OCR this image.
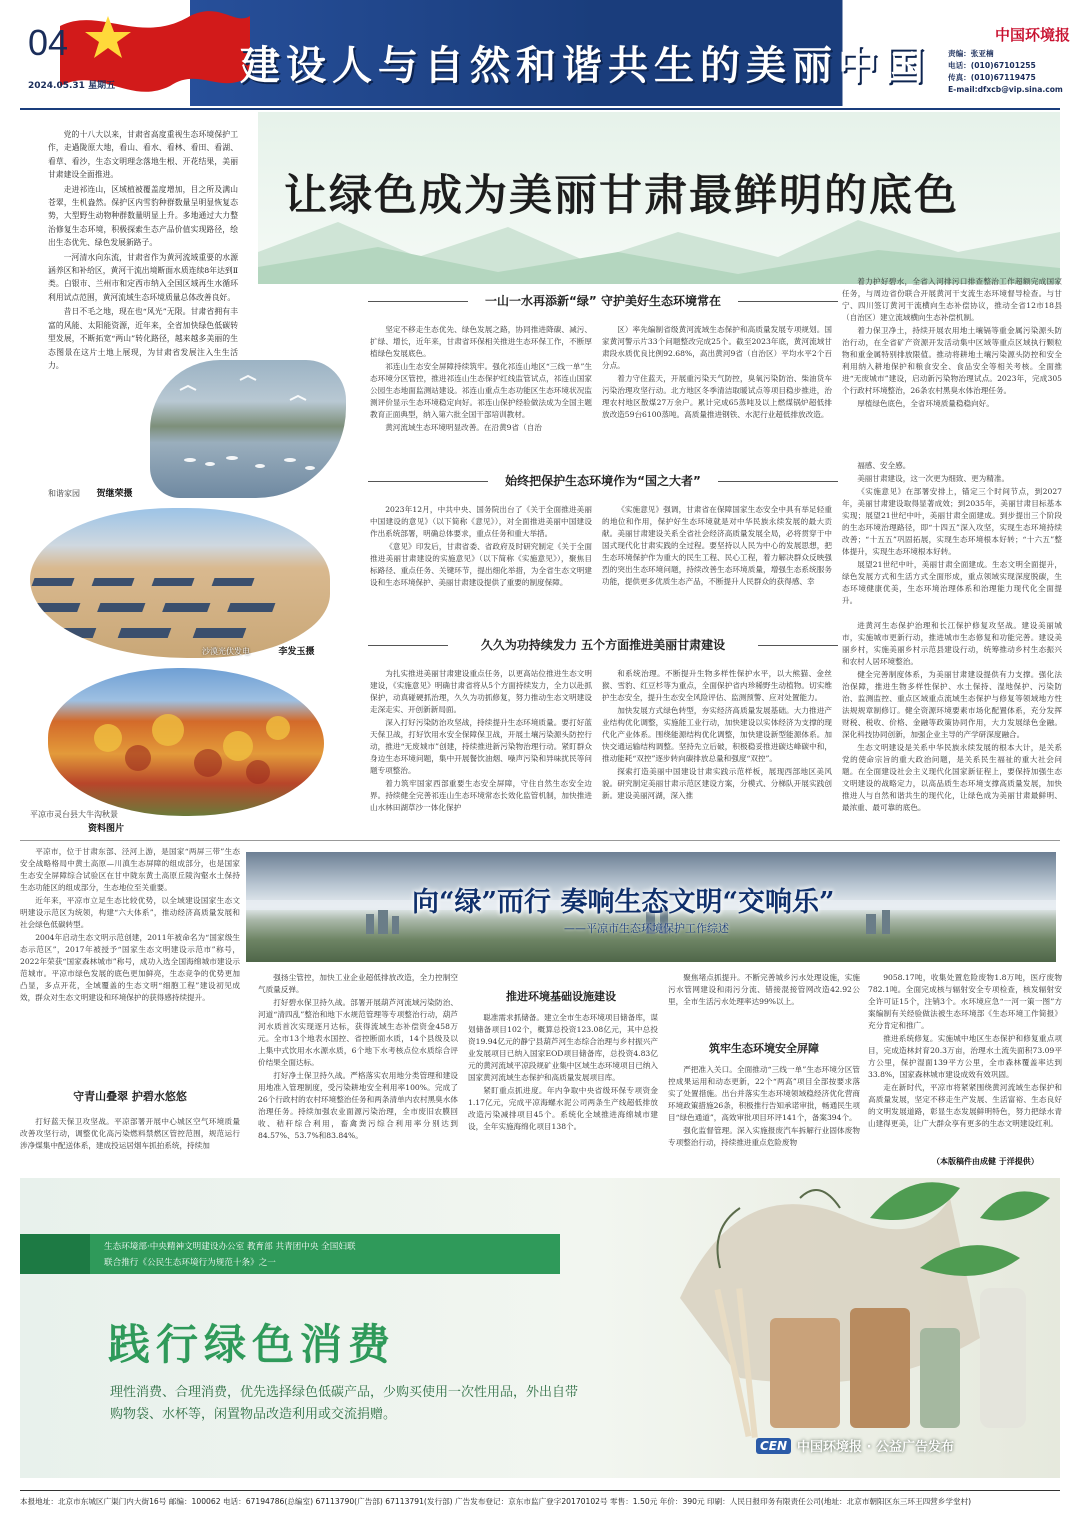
04
2024.05.31 星期五	建设人与自然和谐共生的美丽中国
中国环境报
责编：张亚楠
电话：(010)67101255
传真：(010)67119475
E-mail:dfxcb@vip.sina.com
让绿色成为美丽甘肃最鲜明的底色

党的十八大以来，甘肃省高度重视生态环境保护工作，走過陇原大地，看山、看水、看林、看田、看湖、看草、看沙，生态文明理念落地生根、开花结果，美丽甘肃建设全面推进。

走进祁连山，区域植被覆盖度增加，目之所及满山苍翠，生机盎然。保护区内雪豹种群数量呈明显恢复态势，大型野生动物种群数量明显上升。多地通过大力整治修复生态环境，积极探索生态产品价值实现路径，绘出生态优先、绿色发展新路子。

一河清水向东流，甘肃省作为黄河流域重要的水源涵养区和补给区，黄河干流出境断面水质连续8年达到Ⅱ类。白银市、兰州市和定西市纳入全国区域再生水循环利用试点范围，黄河流域生态环境质量总体改善良好。

昔日不毛之地，现在也“风光”无限。甘肃省拥有丰富的风能、太阳能资源，近年来，全省加快绿色低碳转型发展，不断拓宽“两山”转化路径，越来越多美丽的生态图景在这片土地上展现，为甘肃省发展注入生生活力。

和谐家园 贺继荣摄
沙漠光伏发电	李发玉摄
平凉市灵台县大牛沟秋景
资料图片
一山一水再添新“绿” 守护美好生态环境常在

坚定不移走生态优先、绿色发展之路，协同推进降碳、减污、扩绿、增长，近年来，甘肃省环保相关推进生态环保工作，不断厚植绿色发展底色。

祁连山生态安全屏障持续筑牢。强化祁连山地区“三线一单”生态环境分区管控，推进祁连山生态保护红线监管试点，祁连山国家公园生态地面监测站建设。祁连山重点生态功能区生态环境状况监测评价显示生态环境稳定向好。祁连山保护经验做法成为全国主题教育正面典型，纳入第六批全国干部培训教材。

黄河流域生态环境明显改善。在沿黄9省（自治

区）率先编制省级黄河流域生态保护和高质量发展专项规划。国家黄河警示片33个问题整改完成25个。截至2023年底，黄河流域甘肃段水质优良比例92.68%，高出黄河9省（自治区）平均水平2个百分点。

着力守住蓝天，开展重污染天气防控，臭氧污染防治、柴油货车污染治理攻坚行动。北方地区冬季清洁取暖试点等项目稳步推进，治理农村地区散煤27万余户。累计完成65蒸吨及以上燃煤锅炉超低排放改造59台6100蒸吨。高质量推进钢铁、水泥行业超低排放改造。

着力护好碧水，全省入河排污口排查整治工作超额完成国家任务，与周边省份联合开展黄河干支流生态环境督导检查。与甘宁、四川签订黄河干流横向生态补偿协议，推动全省12市18县（自治区）建立流域横向生态补偿机制。

着力保卫净土，持续开展农用地土壤镉等重金属污染源头防治行动，在全省矿产资源开发活动集中区域等重点区域执行颗粒物和重金属特别排放限值。推动将耕地土壤污染源头防控和安全利用纳入耕地保护和粮食安全、食品安全等相关考核。全面推进“无废城市”建设，启动新污染物治理试点。2023年，完成305个行政村环境整治，26条农村黑臭水体治理任务。

厚植绿色底色，全省环境质量稳稳向好。

始终把保护生态环境作为“国之大者”

2023年12月，中共中央、国务院出台了《关于全面推进美丽中国建设的意见》（以下简称《意见》），对全面推进美丽中国建设作出系统部署，明确总体要求，重点任务和重大举措。

《意见》印发后，甘肃省委、省政府及时研究制定《关于全面推进美丽甘肃建设的实施意见》（以下简称《实施意见》），聚焦目标路径、重点任务、关键环节，提出细化举措，为全省生态文明建设和生态环境保护、美丽甘肃建设提供了重要的制度保障。

《实施意见》强调，甘肃省在保障国家生态安全中具有举足轻重的地位和作用，保护好生态环境就是对中华民族永续发展的最大贡献。美丽甘肃建设关系全省社会经济高质量发展全局，必将贯穿于中国式现代化甘肃实践的全过程。要坚持以人民为中心的发展思想，把生态环境保护作为重大的民生工程、民心工程，着力解决群众反映强烈的突出生态环境问题，持续改善生态环境质量，增强生态系统服务功能，提供更多优质生态产品，不断提升人民群众的获得感、幸

福感、安全感。

美丽甘肃建设，这一次更为细致、更为精准。

《实施意见》在部署安排上，锚定三个时间节点，到2027年，美丽甘肃建设取得显著成效；到2035年，美丽甘肃目标基本实现；展望21世纪中叶，美丽甘肃全面建成。到步提出三个阶段的生态环境治理路径，即“十四五”深入攻坚，实现生态环境持续改善；“十五五”巩固拓展，实现生态环境根本好转；“十六五”整体提升，实现生态环境根本好转。

展望21世纪中叶，美丽甘肃全面建成。生态文明全面提升，绿色发展方式和生活方式全面形成，重点领域实现深度脱碳，生态环境健康优美，生态环境治理体系和治理能力现代化全面提升。

久久为功持续发力 五个方面推进美丽甘肃建设

为扎实推进美丽甘肃建设重点任务，以更高站位推进生态文明建设，《实施意见》明确甘肃省将从5个方面持续发力，全力以赴抓保护，动真碰硬抓治理，久久为功抓修复，努力推动生态文明建设走深走实、开创新新局面。

深入打好污染防治攻坚战，持续提升生态环境质量。要打好蓝天保卫战，打好饮用水安全保障保卫战，开展土壤污染源头防控行动，推进“无废城市”创建，持续推进新污染物治理行动。紧盯群众身边生态环境问题，集中开展餐饮油烟、噪声污染和异味扰民等问题专项整治。

着力筑牢国家西部重要生态安全屏障，守住自然生态安全边界。持续健全完善祁连山生态环境常态长效化监管机制，加快推进山水林田湖草沙一体化保护

和系统治理。不断提升生物多样性保护水平，以大熊猫、金丝猴、雪豹、红豆杉等为重点，全面保护省内珍稀野生动植物。切实维护生态安全，提升生态安全风险评估、监测预警、应对处置能力。

加快发展方式绿色转型，夯实经济高质量发展基础。大力推进产业结构优化调整，实施能工业行动，加快建设以实体经济为支撑的现代化产业体系。围绕能源结构优化调整，加快建设新型能源体系。加快交通运输结构调整。坚持先立后破，积极稳妥推进碳达峰碳中和，推动能耗“双控”逐步转向碳排放总量和强度“双控”。

探索打造美丽中国建设甘肃实践示范样板，展现西部地区美风貌。研究制定美丽甘肃示范区建设方案，分模式、分梯队开展实践创新。建设美丽河湖，深入推

进黄河生态保护治理和长江保护修复攻坚战。建设美丽城市，实施城市更新行动，推进城市生态修复和功能完善。建设美丽乡村，实施美丽乡村示范县建设行动，统筹推动乡村生态振兴和农村人居环境整治。

健全完善制度体系，为美丽甘肃建设提供有力支撑。强化法治保障，推进生物多样性保护、水土保持、湿地保护、污染防治、监测监控、重点区域重点流域生态保护与修复等领域地方性法规规章制修订。健全资源环境要素市场化配置体系，充分发挥财税、税收、价格、金融等政策协同作用，大力发展绿色金融。深化科技协同创新，加强企业主导的产学研深度融合。

生态文明建设是关系中华民族永续发展的根本大计，是关系党的使命宗旨的重大政治问题，是关系民生福祉的重大社会问题。在全面建设社会主义现代化国家新征程上，要保持加强生态文明建设的战略定力，以高品质生态环境支撑高质量发展，加快推进人与自然和谐共生的现代化，让绿色成为美丽甘肃最鲜明、最浓重、最可靠的底色。

向“绿”而行 奏响生态文明“交响乐”
——平凉市生态环境保护工作综述

平凉市，位于甘肃东部、泾河上游，是国家“两屏三带”生态安全战略格局中黄土高原—川滇生态屏障的组成部分，也是国家生态安全屏障综合试验区在甘中陇东黄土高原丘陵沟壑水土保持生态功能区的组成部分，生态地位至关重要。

近年来，平凉市立足生态比较优势，以全域建设国家生态文明建设示范区为统领，构建“六大体系”，推动经济高质量发展和社会绿色低碳转型。

2004年启动生态文明示范创建，2011年被命名为“国家级生态示范区”，2017年被授予“国家生态文明建设示范市”称号，2022年荣获“国家森林城市”称号，成功入选全国海绵城市建设示范城市。平凉市绿色发展的底色更加鲜亮，生态竞争的优势更加凸显，多点开花，全域覆盖的生态文明“细胞工程”建设初见成效，群众对生态文明建设和环境保护的获得感持续提升。

守青山叠翠 护碧水悠悠

打好蓝天保卫攻坚战。平凉部署开展中心城区空气环境质量改善攻坚行动，调整优化高污染燃料禁燃区管控范围，规范运行涉净煤集中配送体系，建成投运居烟车抓拍系统，持续加

强扬尘管控，加快工业企业超低排放改造，全力控制空气质量反弹。

打好碧水保卫持久战。部署开展葫芦河流域污染防治、河道“清四乱”整治和地下水规范管理等专项整治行动，葫芦河水质首次实现逐月达标，获得流域生态补偿资金458万元。全市13个地表水国控、省控断面水质，14个县级及以上集中式饮用水水源水质，6个地下水考核点位水质综合评价结果全面达标。

打好净土保卫持久战。严格落实农用地分类管理和建设用地准入管理制度，受污染耕地安全利用率100%。完成了26个行政村的农村环境整治任务和两条清单内农村黑臭水体治理任务。持续加强农业面源污染治理，全市废旧农膜回收、秸秆综合利用，畜禽粪污综合利用率分别达到84.57%、53.7%和83.84%。

推进环境基础设施建设

聪准需求抓储备。建立全市生态环境项目储备库，谋划储备项目102个，概算总投资123.08亿元，其中总投资19.94亿元的静宁县葫芦河生态综合治理与乡村振兴产业发展项目已纳入国家EOD项目储备库，总投资4.83亿元的黄河流域平凉段规矿业集中区域生态环境项目已纳入国家黄河流域生态保护和高质量发展项目库。

紧盯重点抓进度。年内争取中央省级环保专项资金1.17亿元，完成平凉海螺水泥公司两条生产线超低排放改造污染减排项目45个。系统化全域推进海绵城市建设，全年实施海绵化项目138个。

聚焦堵点抓提升。不断完善城乡污水处理设施，实施污水管网建设和雨污分流、错接混接管网改造42.92公里，全市生活污水处理率达99%以上。

筑牢生态环境安全屏障

严把准入关口。全面推动“三线一单”生态环境分区管控成果运用和动态更新，22个“两高”项目全部按要求落实了处置措施。出台并落实生态环境领域稳经济优化营商环境政策措施26条，积极推行告知承诺审批，畅通民生项目“绿色通道”，高效审批项目环评141个，备案394个。

强化监督管理。深入实施报废汽车拆解行业固体废物专项整治行动，持续推进重点危险废物

9058.17吨，收集处置危险废物1.8万吨，医疗废物782.1吨。全面完成核与辐射安全专项检查，核发辐射安全许可证15个，注销3个。水环境应急“一河一策一图”方案编制有关经验做法被生态环境部《生态环境工作简报》充分肯定和推广。

推进系统修复。实施城中地区生态保护和修复重点项目，完成造林封育20.3万亩，治理水土流失面积73.09平方公里，保护湿面139平方公里，全市森林覆盖率达到33.8%，国家森林城市建设成效有效巩固。

走在新时代，平凉市将紧紧围绕黄河流域生态保护和高质量发展，坚定不移走生产发展、生活富裕、生态良好的文明发展道路，彰显生态发展鲜明特色，努力把绿水青山建得更美，让广大群众享有更多的生态文明建设红利。

（本版稿件由成健 于洋提供）
生态环境部·中央精神文明建设办公室 教育部 共青团中央 全国妇联
联合推行《公民生态环境行为规范十条》之一
践行绿色消费
理性消费、合理消费，优先选择绿色低碳产品，少购买使用一次性用品，外出自带购物袋、水杯等，闲置物品改造利用或交流捐赠。
CEN 中国环境报 · 公益广告发布
本报地址：北京市东城区广渠门内大街16号 邮编：100062 电话：67194786(总编室) 67113790(广告部) 67113791(发行部) 广告发布登记：京东市监广登字20170102号 零售：1.50元 年价：390元 印刷：人民日报印务有限责任公司(地址：北京市朝阳区东三环王四营乡学堂村)
